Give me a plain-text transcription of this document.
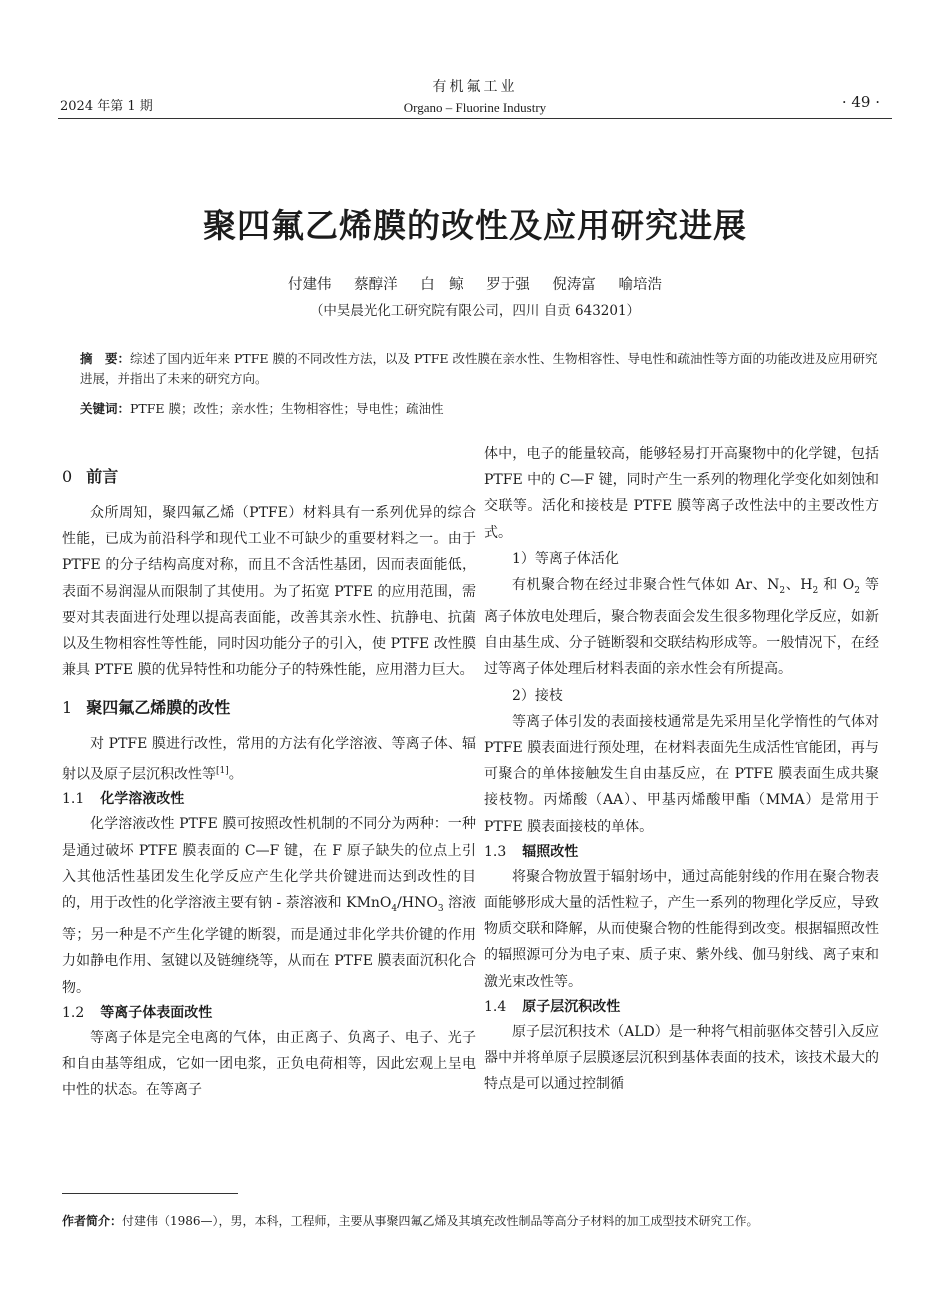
2024 年第 1 期
有机氟工业
Organo – Fluorine Industry	· 49 ·
聚四氟乙烯膜的改性及应用研究进展
付建伟 蔡醇洋 白　鲸 罗于强 倪涛富 喻培浩
（中昊晨光化工研究院有限公司，四川 自贡 643201）
摘　要：综述了国内近年来 PTFE 膜的不同改性方法，以及 PTFE 改性膜在亲水性、生物相容性、导电性和疏油性等方面的功能改进及应用研究进展，并指出了未来的研究方向。
关键词：PTFE 膜；改性；亲水性；生物相容性；导电性；疏油性
0 前言

众所周知，聚四氟乙烯（PTFE）材料具有一系列优异的综合性能，已成为前沿科学和现代工业不可缺少的重要材料之一。由于 PTFE 的分子结构高度对称，而且不含活性基团，因而表面能低，表面不易润湿从而限制了其使用。为了拓宽 PTFE 的应用范围，需要对其表面进行处理以提高表面能，改善其亲水性、抗静电、抗菌以及生物相容性等性能，同时因功能分子的引入，使 PTFE 改性膜兼具 PTFE 膜的优异特性和功能分子的特殊性能，应用潜力巨大。

1 聚四氟乙烯膜的改性

对 PTFE 膜进行改性，常用的方法有化学溶液、等离子体、辐射以及原子层沉积改性等[1]。

1.1 化学溶液改性

化学溶液改性 PTFE 膜可按照改性机制的不同分为两种：一种是通过破坏 PTFE 膜表面的 C—F 键，在 F 原子缺失的位点上引入其他活性基团发生化学反应产生化学共价键进而达到改性的目的，用于改性的化学溶液主要有钠 - 萘溶液和 $KMnO_4/HNO_3$ 溶液等；另一种是不产生化学键的断裂，而是通过非化学共价键的作用力如静电作用、氢键以及链缠绕等，从而在 PTFE 膜表面沉积化合物。

1.2 等离子体表面改性

等离子体是完全电离的气体，由正离子、负离子、电子、光子和自由基等组成，它如一团电浆，正负电荷相等，因此宏观上呈电中性的状态。在等离子

体中，电子的能量较高，能够轻易打开高聚物中的化学键，包括 PTFE 中的 C—F 键，同时产生一系列的物理化学变化如刻蚀和交联等。活化和接枝是 PTFE 膜等离子改性法中的主要改性方式。

1）等离子体活化

有机聚合物在经过非聚合性气体如 Ar、$N_2$、$H_2$ 和 $O_2$ 等离子体放电处理后，聚合物表面会发生很多物理化学反应，如新自由基生成、分子链断裂和交联结构形成等。一般情况下，在经过等离子体处理后材料表面的亲水性会有所提高。

2）接枝

等离子体引发的表面接枝通常是先采用呈化学惰性的气体对 PTFE 膜表面进行预处理，在材料表面先生成活性官能团，再与可聚合的单体接触发生自由基反应，在 PTFE 膜表面生成共聚接枝物。丙烯酸（AA）、甲基丙烯酸甲酯（MMA）是常用于 PTFE 膜表面接枝的单体。

1.3 辐照改性

将聚合物放置于辐射场中，通过高能射线的作用在聚合物表面能够形成大量的活性粒子，产生一系列的物理化学反应，导致物质交联和降解，从而使聚合物的性能得到改变。根据辐照改性的辐照源可分为电子束、质子束、紫外线、伽马射线、离子束和激光束改性等。

1.4 原子层沉积改性

原子层沉积技术（ALD）是一种将气相前驱体交替引入反应器中并将单原子层膜逐层沉积到基体表面的技术，该技术最大的特点是可以通过控制循

作者简介：付建伟（1986—），男，本科，工程师，主要从事聚四氟乙烯及其填充改性制品等高分子材料的加工成型技术研究工作。
